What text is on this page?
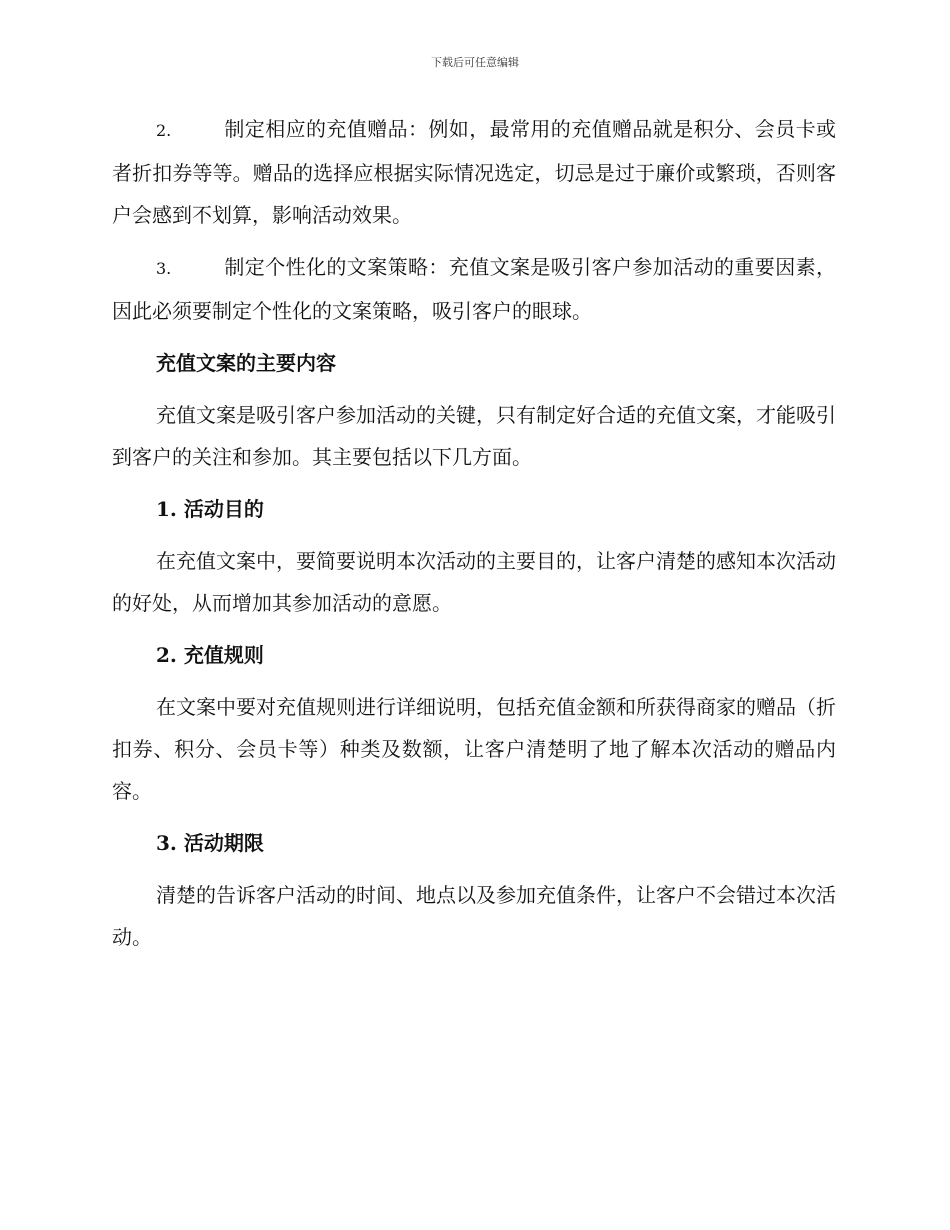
下载后可任意编辑

2.	制定相应的充值赠品：例如，最常用的充值赠品就是积分、会员卡或者折扣券等等。赠品的选择应根据实际情况选定，切忌是过于廉价或繁琐，否则客户会感到不划算，影响活动效果。

3.	制定个性化的文案策略：充值文案是吸引客户参加活动的重要因素，因此必须要制定个性化的文案策略，吸引客户的眼球。

充值文案的主要内容

充值文案是吸引客户参加活动的关键，只有制定好合适的充值文案，才能吸引到客户的关注和参加。其主要包括以下几方面。

1. 活动目的

在充值文案中，要简要说明本次活动的主要目的，让客户清楚的感知本次活动的好处，从而增加其参加活动的意愿。

2. 充值规则

在文案中要对充值规则进行详细说明，包括充值金额和所获得商家的赠品（折扣券、积分、会员卡等）种类及数额，让客户清楚明了地了解本次活动的赠品内容。

3. 活动期限

清楚的告诉客户活动的时间、地点以及参加充值条件，让客户不会错过本次活动。
